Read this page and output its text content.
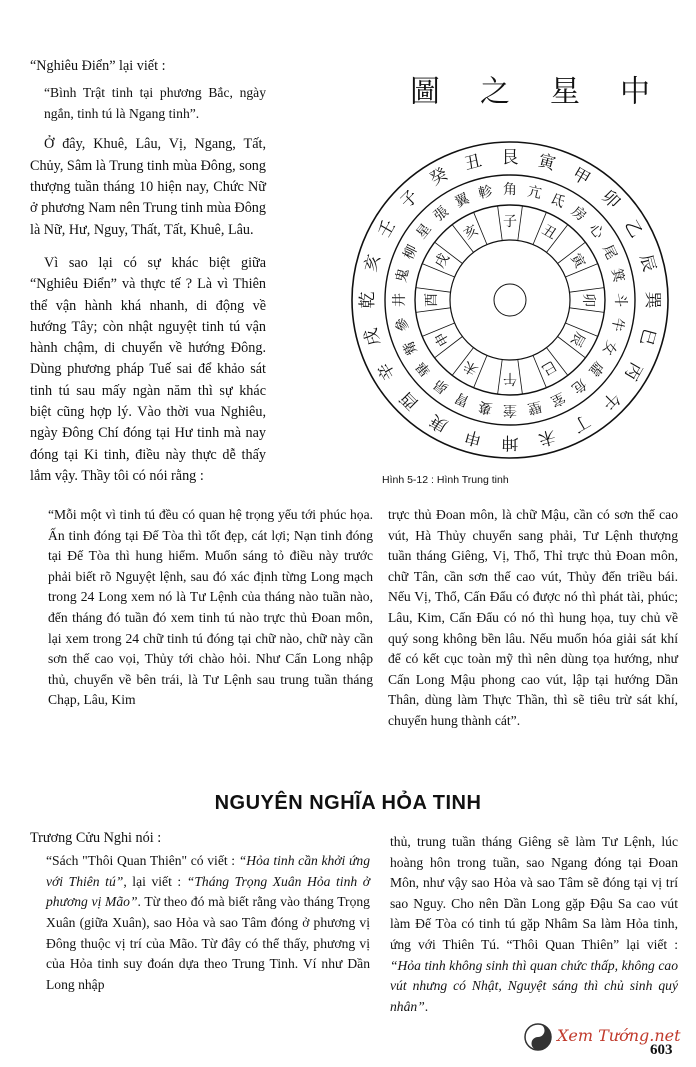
“Nghiêu Điển” lại viết :

“Bình Trật tinh tại phương Bắc, ngày ngắn, tinh tú là Ngang tinh”.

Ở đây, Khuê, Lâu, Vị, Ngang, Tất, Chủy, Sâm là Trung tinh mùa Đông, song thượng tuần tháng 10 hiện nay, Chức Nữ ở phương Nam nên Trung tinh mùa Đông là Nữ, Hư, Nguy, Thất, Tất, Khuê, Lâu.

Vì sao lại có sự khác biệt giữa “Nghiêu Điển” và thực tế ? Là vì Thiên thể vận hành khá nhanh, di động về hướng Tây; còn nhật nguyệt tinh tú vận hành chậm, di chuyển về hướng Đông. Dùng phương pháp Tuế sai để khảo sát tinh tú sau mấy ngàn năm thì sự khác biệt cũng hợp lý. Vào thời vua Nghiêu, ngày Đông Chí đóng tại Hư tinh mà nay đóng tại Ki tinh, điều này thực dễ thấy lắm vậy. Thầy tôi có nói rằng :

中
星
之
圖
艮 寅
甲
卯
乙
辰
巽
巳
丙
午
丁
未
坤
申
庚
酉
辛
戌
乾
亥
壬
子
癸
丑
角 亢 氐
房
心
尾
箕
斗
牛
女
虛
危
室
壁
奎
婁
胃
昴
畢
觜
參
井
鬼
柳
星
張
翼 軫
子
丑
寅
卯
辰
巳
午
未
申
酉
戌
亥
Hình 5-12 : Hình Trung tinh

“Mỗi một vì tinh tú đều có quan hệ trọng yếu tới phúc họa. Ấn tinh đóng tại Đế Tòa thì tốt đẹp, cát lợi; Nạn tinh đóng tại Đế Tòa thì hung hiểm. Muốn sáng tỏ điều này trước phải biết rõ Nguyệt lệnh, sau đó xác định từng Long mạch trong 24 Long xem nó là Tư Lệnh của tháng nào tuần nào, đến tháng đó tuần đó xem tinh tú nào trực thủ Đoan môn, lại xem trong 24 chữ tinh tú đóng tại chữ nào, chữ này cần sơn thế cao vọi, Thủy tới chào hỏi. Như Cấn Long nhập thủ, chuyển về bên trái, là Tư Lệnh sau trung tuần tháng Chạp, Lâu, Kim

trực thủ Đoan môn, là chữ Mậu, cần có sơn thế cao vút, Hà Thủy chuyển sang phải, Tư Lệnh thượng tuần tháng Giêng, Vị, Thổ, Thỉ trực thủ Đoan môn, chữ Tân, cần sơn thế cao vút, Thủy đến triều bái. Nếu Vị, Thổ, Cấn Đẩu có được nó thì phát tài, phúc; Lâu, Kim, Cấn Đẩu có nó thì hung họa, tuy chủ về quý song không bền lâu. Nếu muốn hóa giải sát khí để có kết cục toàn mỹ thì nên dùng tọa hướng, như Cấn Long Mậu phong cao vút, lập tại hướng Dần Thân, dùng làm Thực Thần, thì sẽ tiêu trừ sát khí, chuyển hung thành cát”.

NGUYÊN NGHĨA HỎA TINH

Trương Cửu Nghi nói :

“Sách "Thôi Quan Thiên" có viết : “Hỏa tinh cần khởi ứng với Thiên tú”, lại viết : “Tháng Trọng Xuân Hỏa tinh ở phương vị Mão”. Từ theo đó mà biết rằng vào tháng Trọng Xuân (giữa Xuân), sao Hỏa và sao Tâm đóng ở phương vị Đông thuộc vị trí của Mão. Từ đây có thể thấy, phương vị của Hỏa tinh suy đoán dựa theo Trung Tinh. Ví như Dần Long nhập

thủ, trung tuần tháng Giêng sẽ làm Tư Lệnh, lúc hoàng hôn trong tuần, sao Ngang đóng tại Đoan Môn, như vậy sao Hỏa và sao Tâm sẽ đóng tại vị trí sao Nguy. Cho nên Dần Long gặp Đậu Sa cao vút làm Đế Tòa có tinh tú gặp Nhâm Sa làm Hỏa tinh, ứng với Thiên Tú. “Thôi Quan Thiên” lại viết : “Hỏa tinh không sinh thì quan chức thấp, không cao vút nhưng có Nhật, Nguyệt sáng thì chủ sinh quý nhân”.

Xem Tướng.net
603
